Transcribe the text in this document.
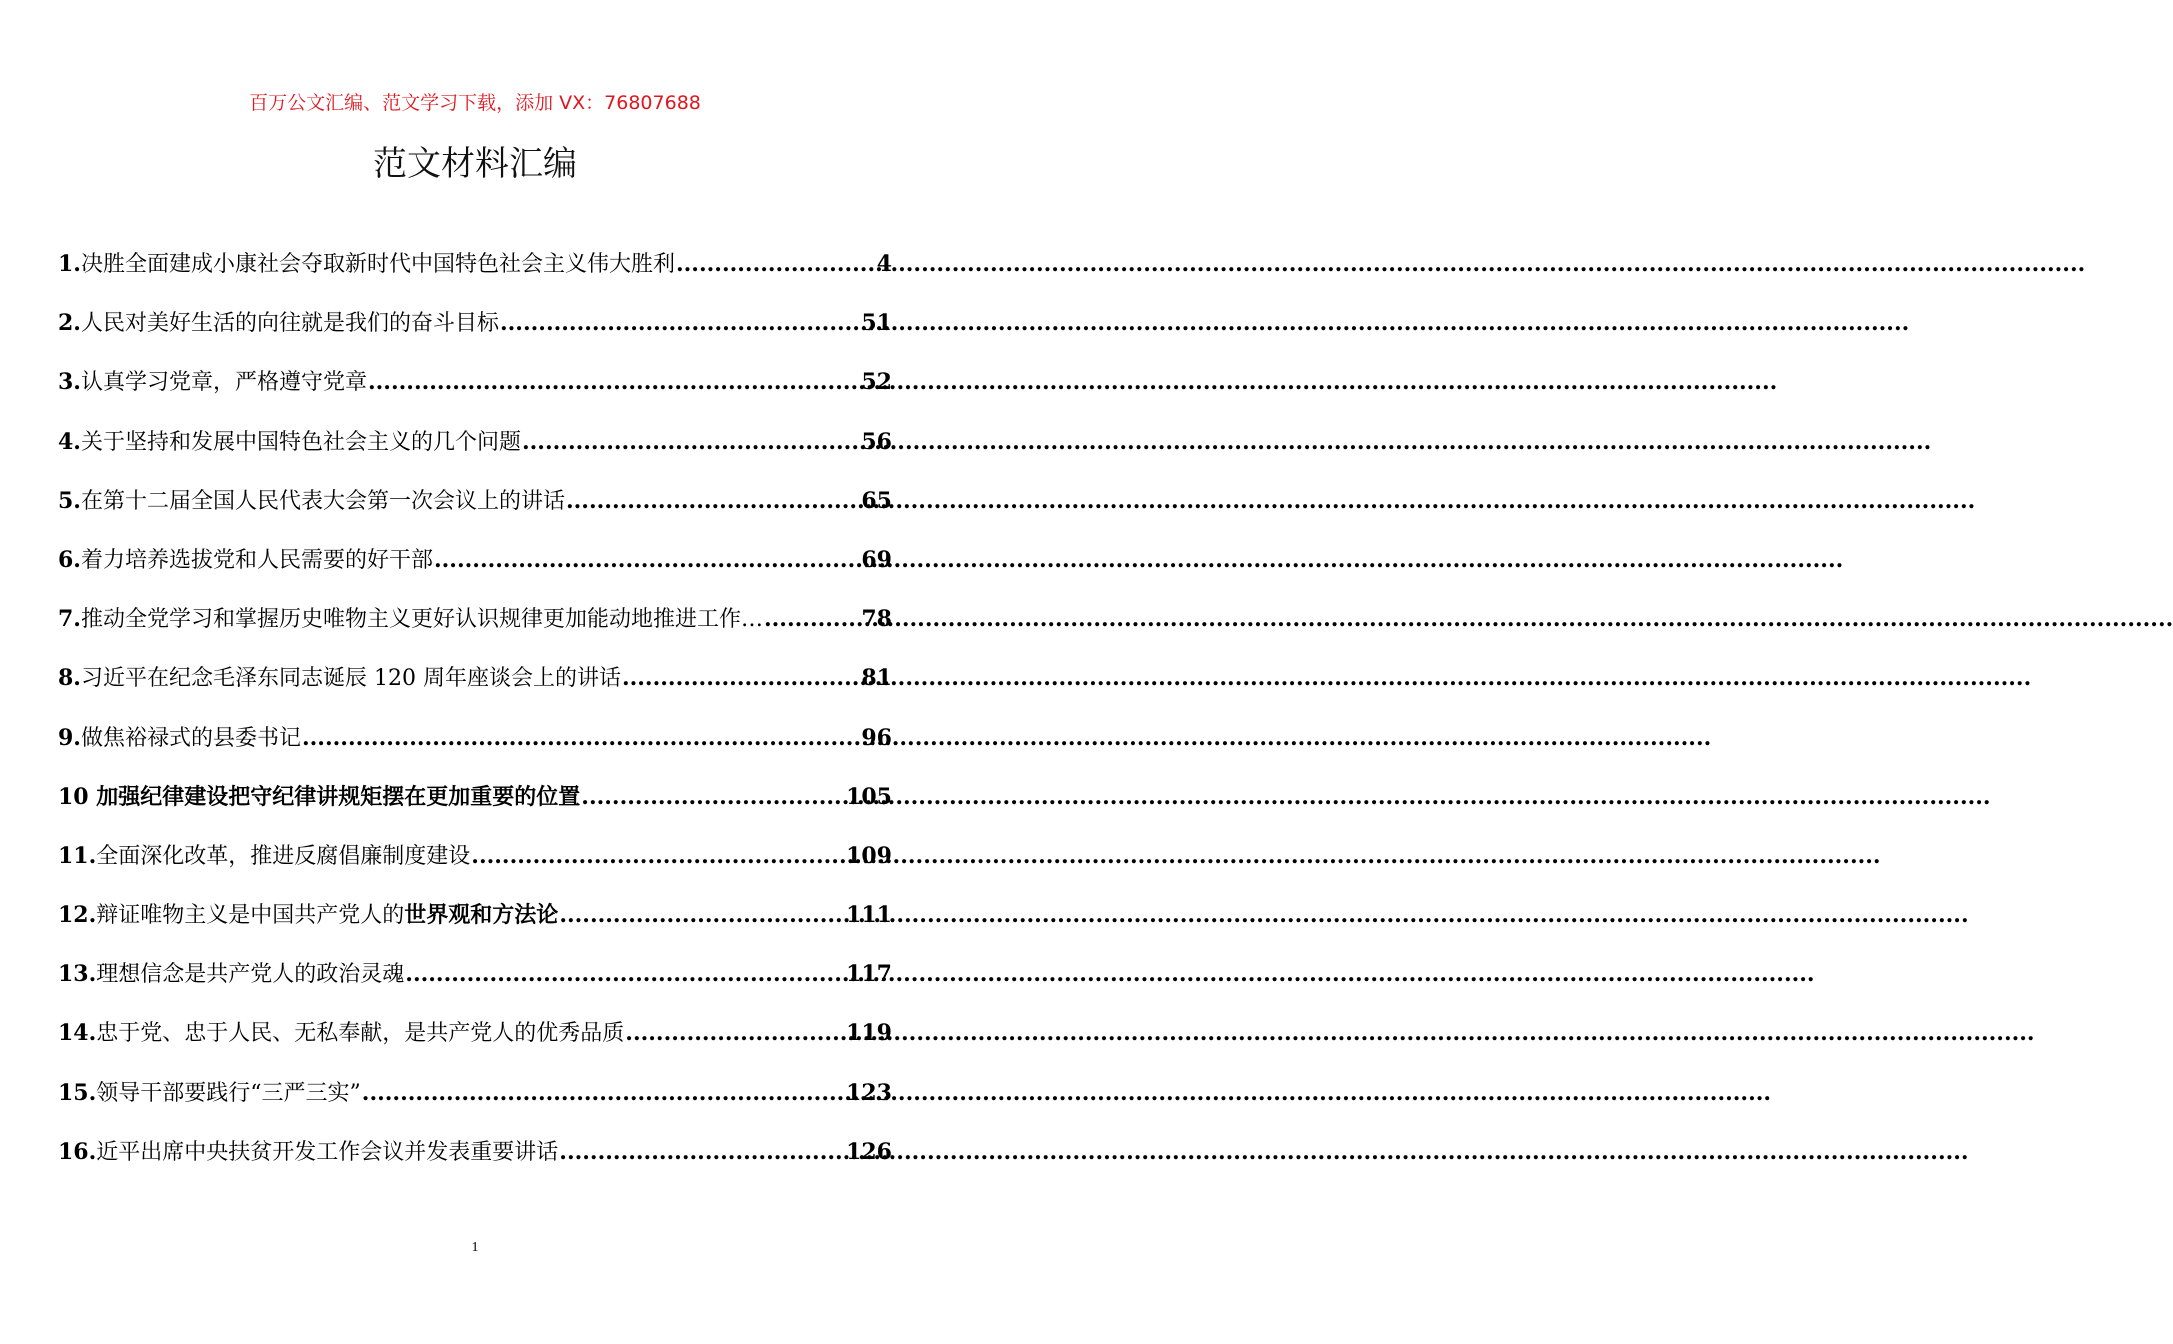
百万公文汇编、范文学习下载，添加 VX：76807688
范文材料汇编
1.决胜全面建成小康社会夺取新时代中国特色社会主义伟大胜利 .....	4
2.人民对美好生活的向往就是我们的奋斗目标 .....	51
3.认真学习党章，严格遵守党章 .....	52
4.关于坚持和发展中国特色社会主义的几个问题 .....	56
5.在第十二届全国人民代表大会第一次会议上的讲话 .....	65
6.着力培养选拔党和人民需要的好干部 .....	69
7.推动全党学习和掌握历史唯物主义更好认识规律更加能动地推进工作… .....	78
8.习近平在纪念毛泽东同志诞辰 120 周年座谈会上的讲话 .....	81
9.做焦裕禄式的县委书记 .....	96
10 加强纪律建设把守纪律讲规矩摆在更加重要的位置 .....	105
11.全面深化改革，推进反腐倡廉制度建设 .....	109
12.辩证唯物主义是中国共产党人的世界观和方法论 .....	111
13.理想信念是共产党人的政治灵魂 .....	117
14.忠于党、忠于人民、无私奉献，是共产党人的优秀品质 .....	119
15.领导干部要践行“三严三实” .....	123
16.近平出席中央扶贫开发工作会议并发表重要讲话 .....	126
1
